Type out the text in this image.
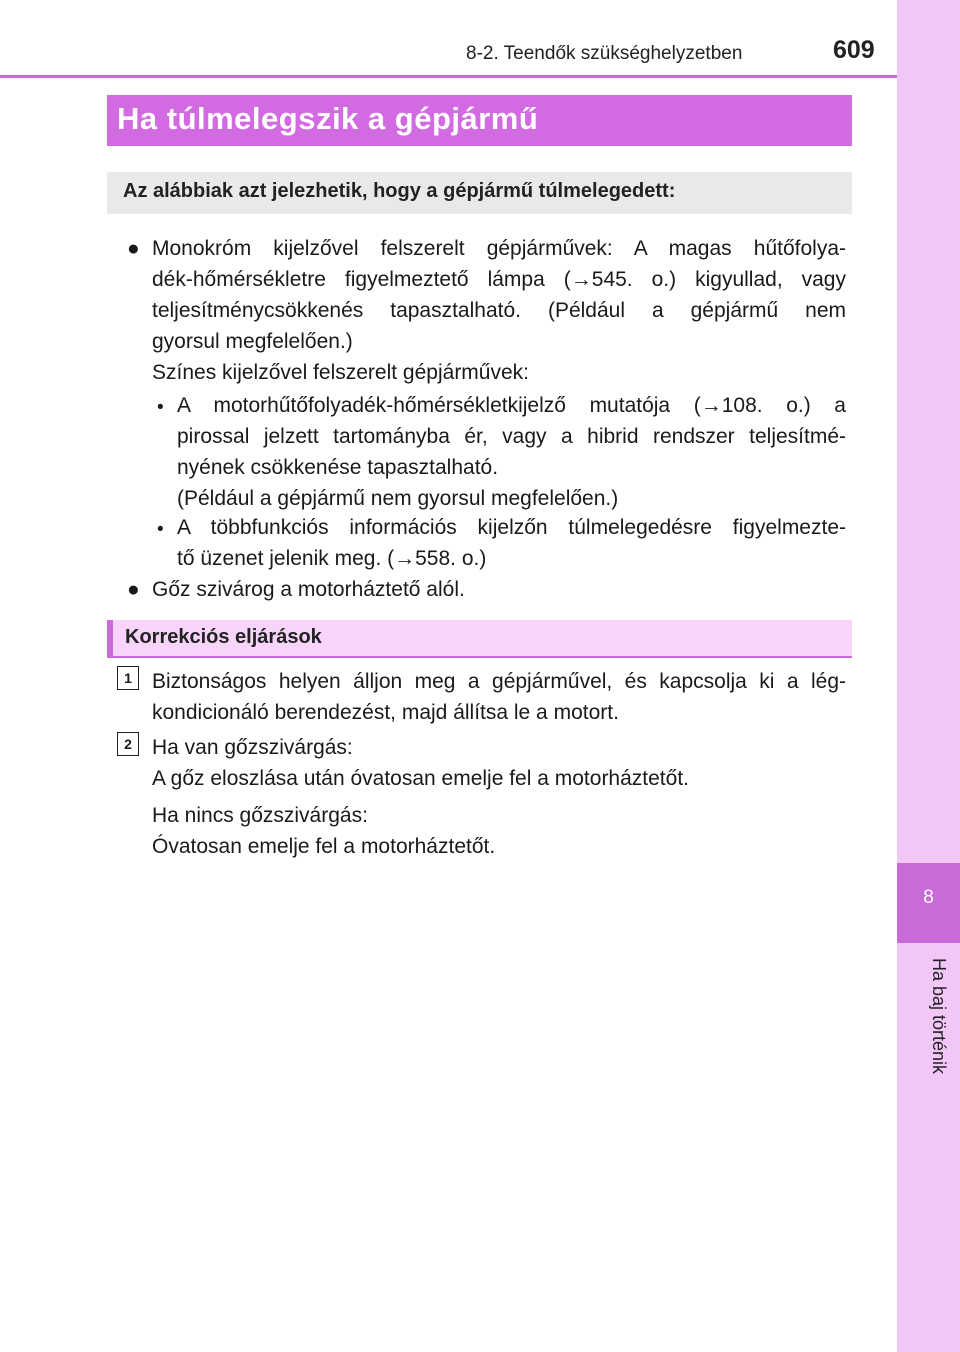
8-2. Teendők szükséghelyzetben	609
8
Ha baj történik
Ha túlmelegszik a gépjármű
Az alábbiak azt jelezhetik, hogy a gépjármű túlmelegedett:
● Monokróm kijelzővel felszerelt gépjárművek: A magas hűtőfolya-
dék-hőmérsékletre figyelmeztető lámpa (→545. o.) kigyullad, vagy
teljesítménycsökkenés tapasztalható. (Például a gépjármű nem
gyorsul megfelelően.)
Színes kijelzővel felszerelt gépjárművek:
• A motorhűtőfolyadék-hőmérsékletkijelző mutatója (→108. o.) a
pirossal jelzett tartományba ér, vagy a hibrid rendszer teljesítmé-
nyének csökkenése tapasztalható.
(Például a gépjármű nem gyorsul megfelelően.)
• A többfunkciós információs kijelzőn túlmelegedésre figyelmezte-
tő üzenet jelenik meg. (→558. o.)
● Gőz szivárog a motorháztető alól.
Korrekciós eljárások
1 Biztonságos helyen álljon meg a gépjárművel, és kapcsolja ki a lég-
kondicionáló berendezést, majd állítsa le a motort.
2 Ha van gőzszivárgás:
A gőz eloszlása után óvatosan emelje fel a motorháztetőt.
Ha nincs gőzszivárgás:
Óvatosan emelje fel a motorháztetőt.
